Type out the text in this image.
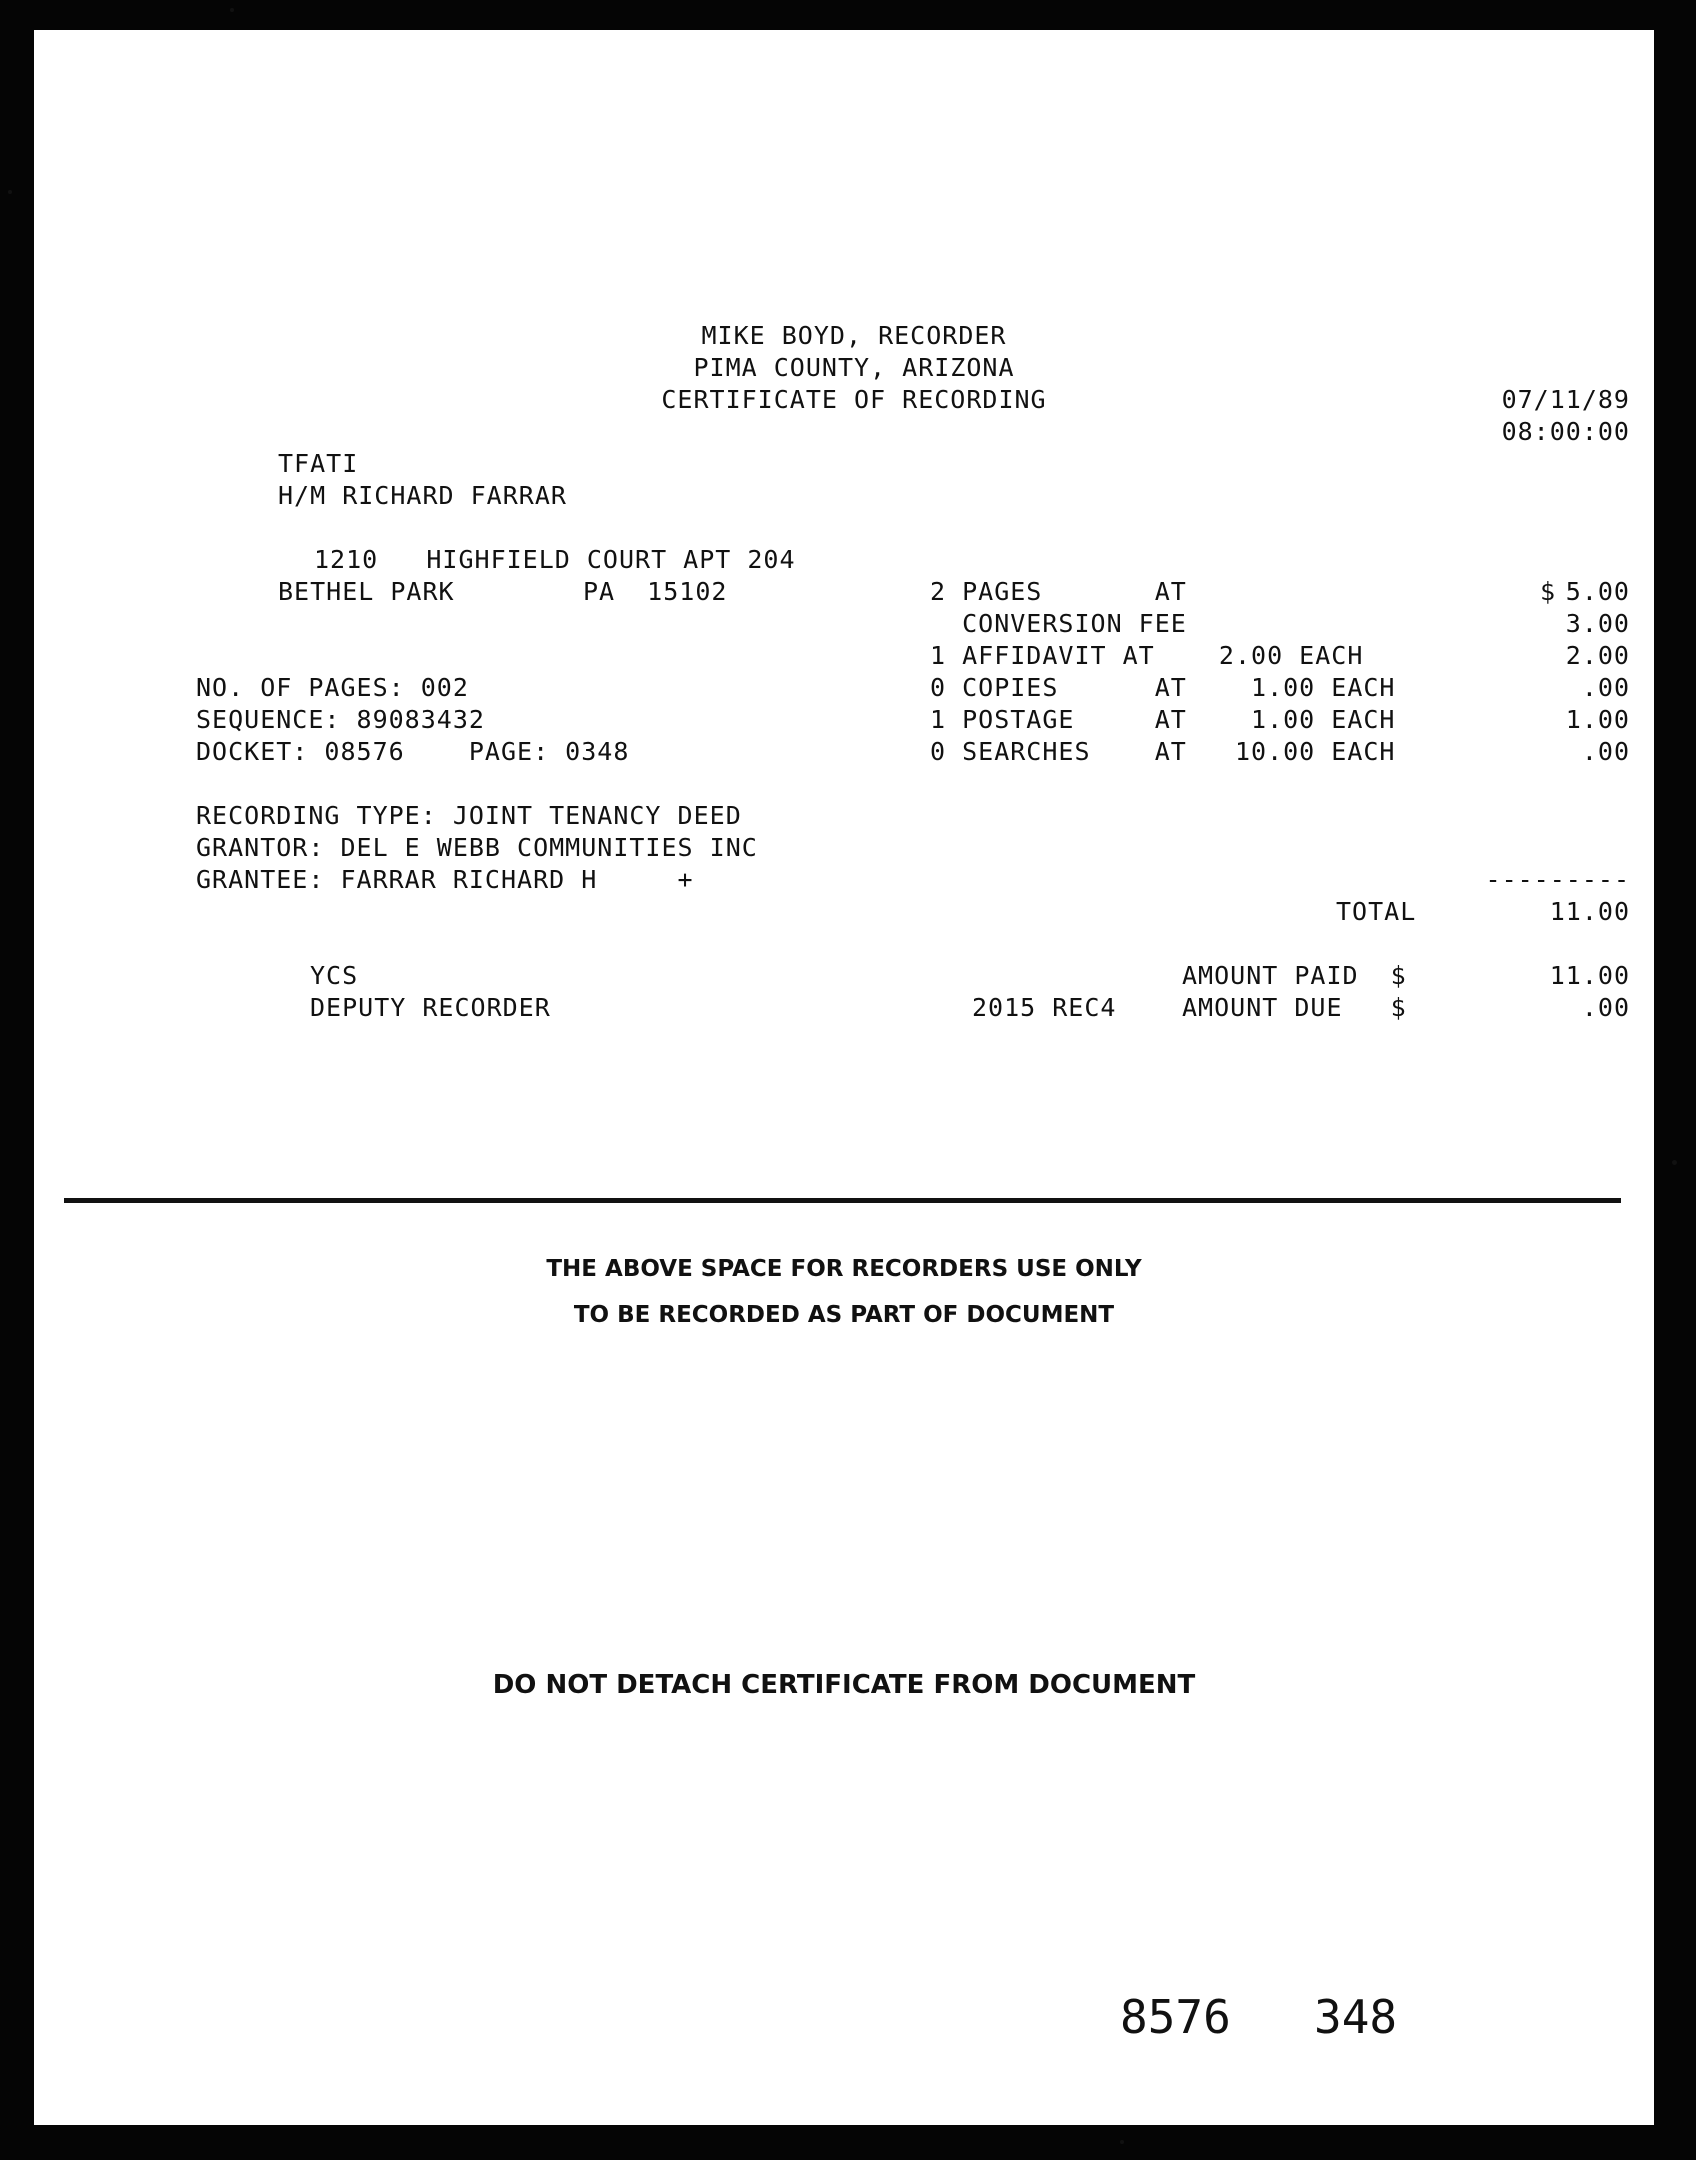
MIKE BOYD, RECORDER
PIMA COUNTY, ARIZONA
CERTIFICATE OF RECORDING	07/11/89
08:00:00
TFATI
H/M RICHARD FARRAR
1210   HIGHFIELD COURT APT 204
BETHEL PARK        PA  15102	2 PAGES       AT                      $ 5.00
CONVERSION FEE	3.00
1 AFFIDAVIT AT    2.00 EACH	2.00
0 COPIES      AT    1.00 EACH	.00
1 POSTAGE     AT    1.00 EACH	1.00
0 SEARCHES    AT   10.00 EACH	.00
NO. OF PAGES: 002
SEQUENCE: 89083432
DOCKET: 08576    PAGE: 0348
RECORDING TYPE: JOINT TENANCY DEED
GRANTOR: DEL E WEBB COMMUNITIES INC
GRANTEE: FARRAR RICHARD H     +	---------
TOTAL	11.00
YCS	AMOUNT PAID  $	11.00
DEPUTY RECORDER	2015 REC4	AMOUNT DUE   $	.00
THE ABOVE SPACE FOR RECORDERS USE ONLY
TO BE RECORDED AS PART OF DOCUMENT
DO NOT DETACH CERTIFICATE FROM DOCUMENT
8576 348
